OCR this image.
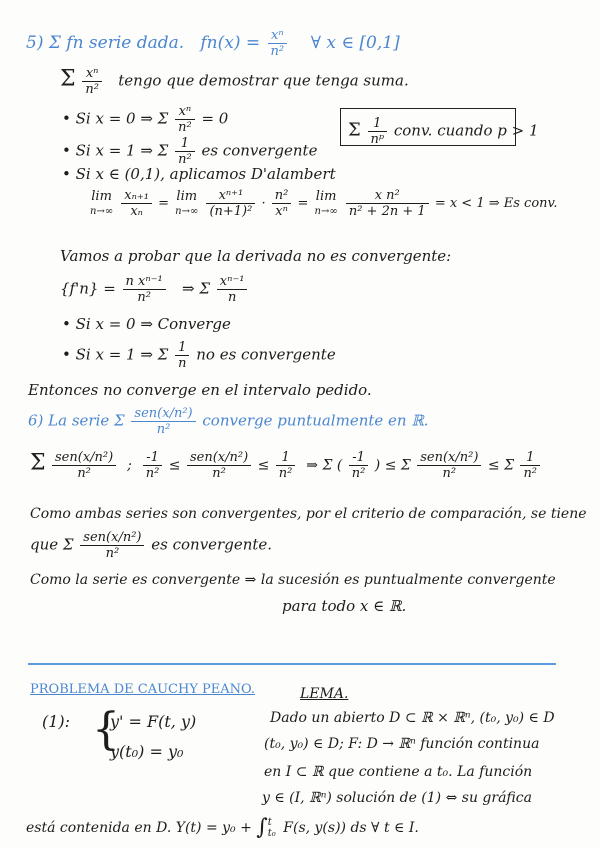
5) Σ fn serie dada. $fn(x) = \frac{\text{xⁿ}}{\text{n²}}$ ∀ x ∈ [0,1]
Σ $\frac{\text{xⁿ}}{\text{n²}}$ tengo que demostrar que tenga suma.
• Si x = 0 ⇒ Σ $\frac{\text{xⁿ}}{\text{n²}} = 0$
Σ $\frac{1}{\text{nᵖ}}$ conv. cuando p > 1
• Si x = 1 ⇒ Σ $\frac{1}{\text{n²}}$ es convergente
• Si x ∈ (0,1), aplicamos D'alambert
lim
n→∞
$\frac{\text{xₙ₊₁}}{\text{xₙ}} = \lim$
n→∞
$\frac{\text{xⁿ⁺¹}}{\text{(n+1)²}} \cdot \frac{\text{n²}}{\text{xⁿ}} = \lim$
n→∞
$\frac{\text{x n²}}{\text{n² + 2n + 1}} = x < 1$ ⇒ Es conv.
Vamos a probar que la derivada no es convergente:
$\{f'n\} = \frac{\text{n xⁿ⁻¹}}{\text{n²}}$ ⇒ Σ $\frac{\text{xⁿ⁻¹}}{n}$
• Si x = 0 ⇒ Converge
• Si x = 1 ⇒ Σ $\frac{1}{n}$ no es convergente
Entonces no converge en el intervalo pedido.
6) La serie Σ $\frac{\text{sen(x/n²)}}{\text{n²}}$ converge puntualmente en ℝ.
Σ $\frac{\text{sen(x/n²)}}{\text{n²}}$ ; $\frac{-1}{\text{n²}} \le \frac{\text{sen(x/n²)}}{\text{n²}} \le \frac{1}{\text{n²}}$ ⇒ Σ ( $\frac{-1}{\text{n²}}$ ) ≤ Σ $\frac{\text{sen(x/n²)}}{\text{n²}} \le \Sigma \frac{1}{\text{n²}}$
Como ambas series son convergentes, por el criterio de comparación, se tiene
que Σ $\frac{\text{sen(x/n²)}}{\text{n²}}$ es convergente.
Como la serie es convergente ⇒ la sucesión es puntualmente convergente
para todo x ∈ ℝ.
PROBLEMA DE CAUCHY PEANO.	LEMA.
(1): {
y' = F(t, y)
y(t₀) = y₀
Dado un abierto D ⊂ ℝ × ℝⁿ, (t₀, y₀) ∈ D
(t₀, y₀) ∈ D; F: D → ℝⁿ función continua
en I ⊂ ℝ que contiene a t₀. La función
y ∈ (I, ℝⁿ) solución de (1) ⇔ su gráfica
está contenida en D. Y(t) = y₀ + ∫ t
t₀ F(s, y(s)) ds ∀ t ∈ I.
